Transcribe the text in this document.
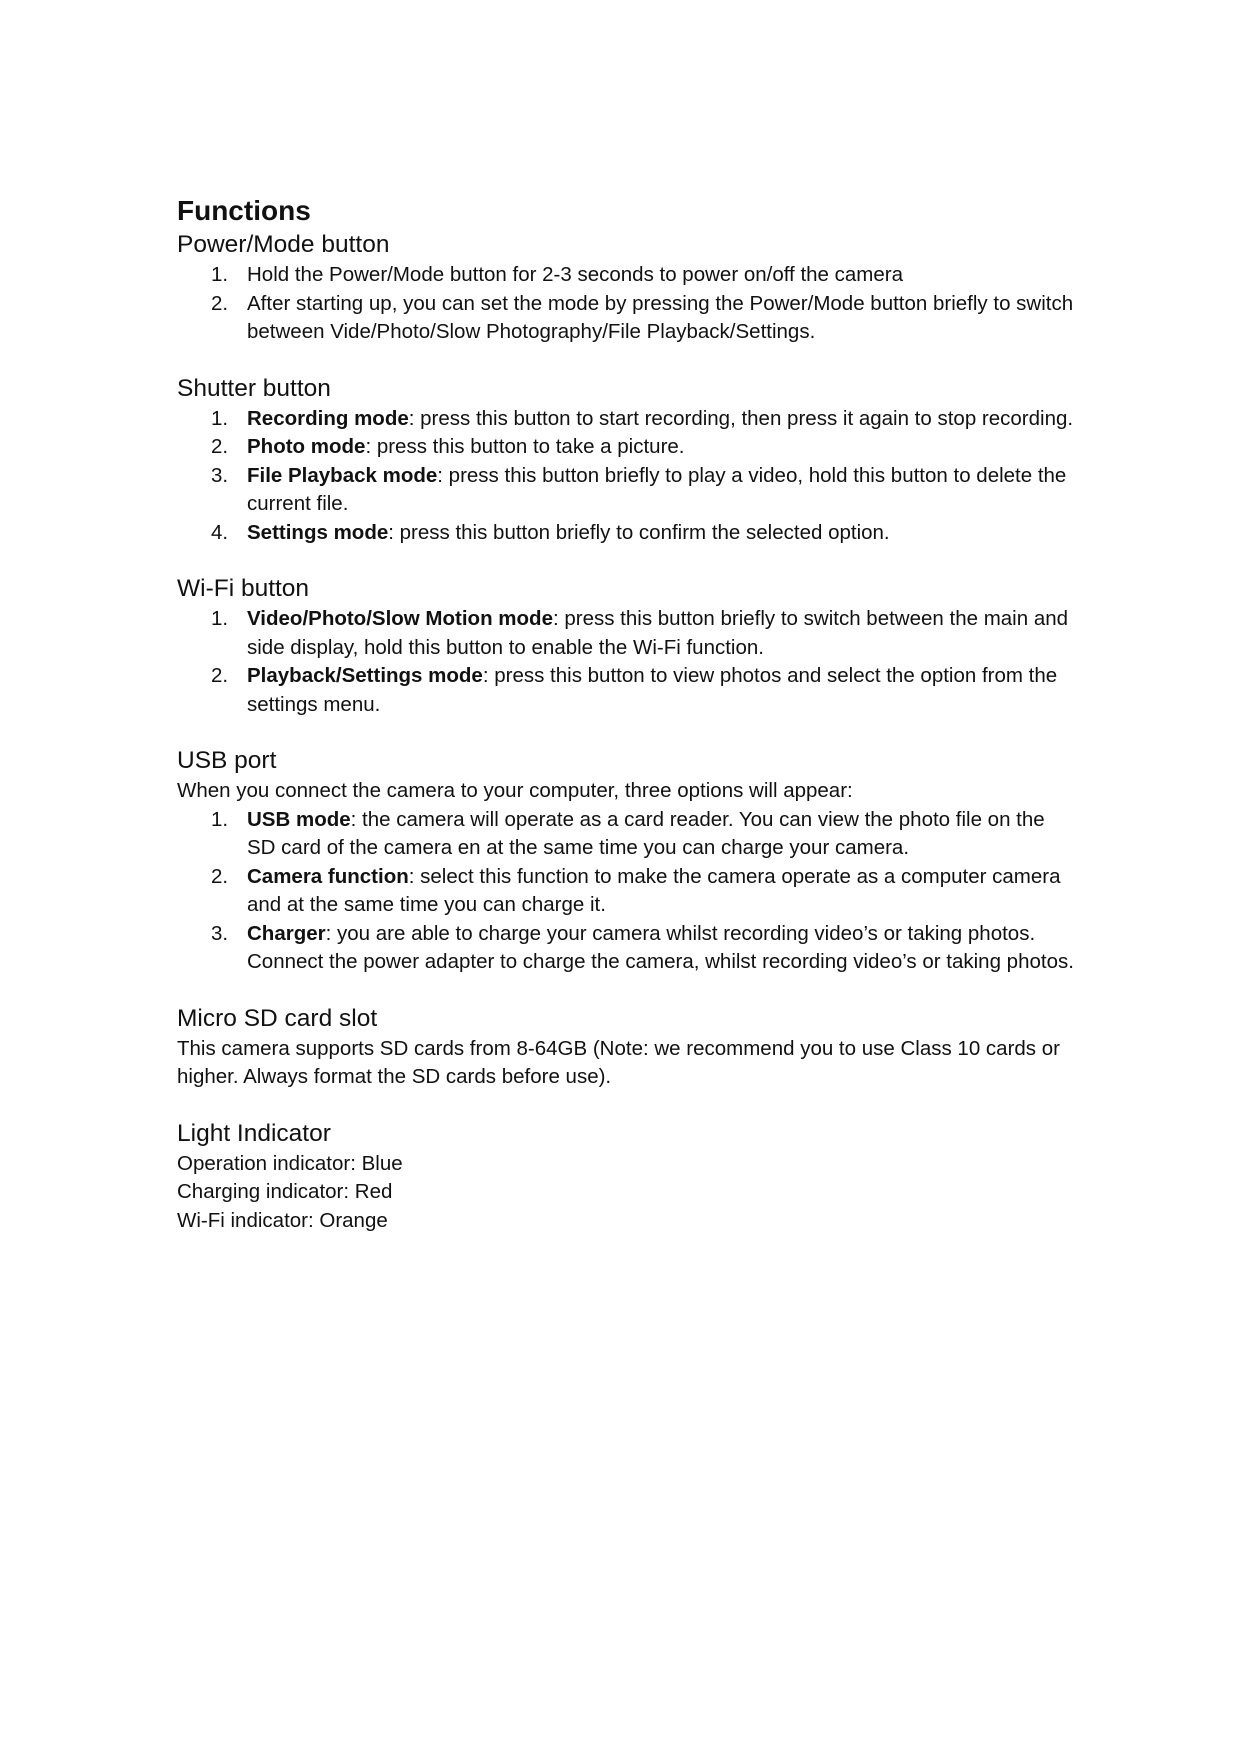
Functions
Power/Mode button
1. Hold the Power/Mode button for 2-3 seconds to power on/off the camera
2. After starting up, you can set the mode by pressing the Power/Mode button briefly to switch between Vide/Photo/Slow Photography/File Playback/Settings.
Shutter button
1. Recording mode: press this button to start recording, then press it again to stop recording.
2. Photo mode: press this button to take a picture.
3. File Playback mode: press this button briefly to play a video, hold this button to delete the current file.
4. Settings mode: press this button briefly to confirm the selected option.
Wi-Fi button
1. Video/Photo/Slow Motion mode: press this button briefly to switch between the main and side display, hold this button to enable the Wi-Fi function.
2. Playback/Settings mode: press this button to view photos and select the option from the settings menu.
USB port

When you connect the camera to your computer, three options will appear:

1. USB mode: the camera will operate as a card reader. You can view the photo file on the SD card of the camera en at the same time you can charge your camera.
2. Camera function: select this function to make the camera operate as a computer camera and at the same time you can charge it.
3. Charger: you are able to charge your camera whilst recording video’s or taking photos. Connect the power adapter to charge the camera, whilst recording video’s or taking photos.
Micro SD card slot

This camera supports SD cards from 8-64GB (Note: we recommend you to use Class 10 cards or higher. Always format the SD cards before use).

Light Indicator

Operation indicator: Blue

Charging indicator: Red

Wi-Fi indicator: Orange
